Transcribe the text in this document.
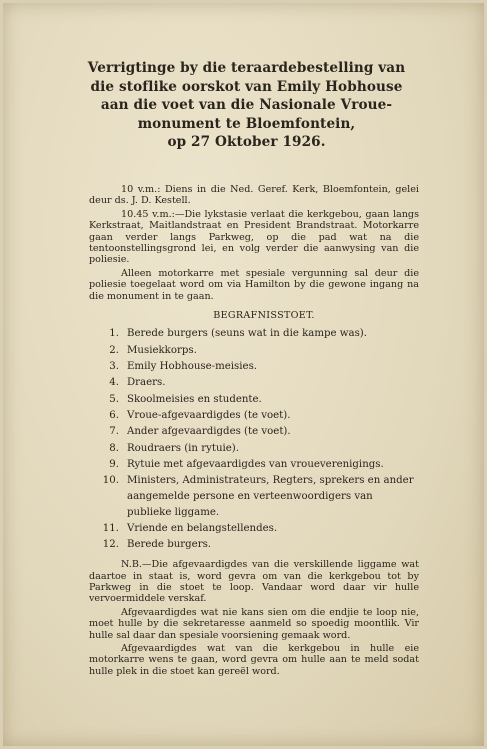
Verrigtinge by die teraardebestelling van
die stoflike oorskot van Emily Hobhouse
aan die voet van die Nasionale Vroue-
monument te Bloemfontein,
op 27 Oktober 1926.

10 v.m.: Diens in die Ned. Geref. Kerk, Bloemfontein, gelei deur ds. J. D. Kestell.

10.45 v.m.:—Die lykstasie verlaat die kerkgebou, gaan langs Kerkstraat, Maitlandstraat en President Brandstraat. Motorkarre gaan verder langs Parkweg, op die pad wat na die tentoonstellingsgrond lei, en volg verder die aanwysing van die poliesie.

Alleen motorkarre met spesiale vergunning sal deur die poliesie toegelaat word om via Hamilton by die gewone ingang na die monument in te gaan.

BEGRAFNISSTOET.
1. Berede burgers (seuns wat in die kampe was).
2. Musiekkorps.
3. Emily Hobhouse-meisies.
4. Draers.
5. Skoolmeisies en studente.
6. Vroue-afgevaardigdes (te voet).
7. Ander afgevaardigdes (te voet).
8. Roudraers (in rytuie).
9. Rytuie met afgevaardigdes van vroueverenigings.
10. Ministers, Administrateurs, Regters, sprekers en ander aangemelde persone en verteenwoordigers van publieke liggame.
11. Vriende en belangstellendes.
12. Berede burgers.

N.B.—Die afgevaardigdes van die verskillende liggame wat daartoe in staat is, word gevra om van die kerkgebou tot by Parkweg in die stoet te loop. Vandaar word daar vir hulle vervoermiddele verskaf.

Afgevaardigdes wat nie kans sien om die endjie te loop nie, moet hulle by die sekretaresse aanmeld so spoedig moontlik. Vir hulle sal daar dan spesiale voorsiening gemaak word.

Afgevaardigdes wat van die kerkgebou in hulle eie motorkarre wens te gaan, word gevra om hulle aan te meld sodat hulle plek in die stoet kan gereël word.
